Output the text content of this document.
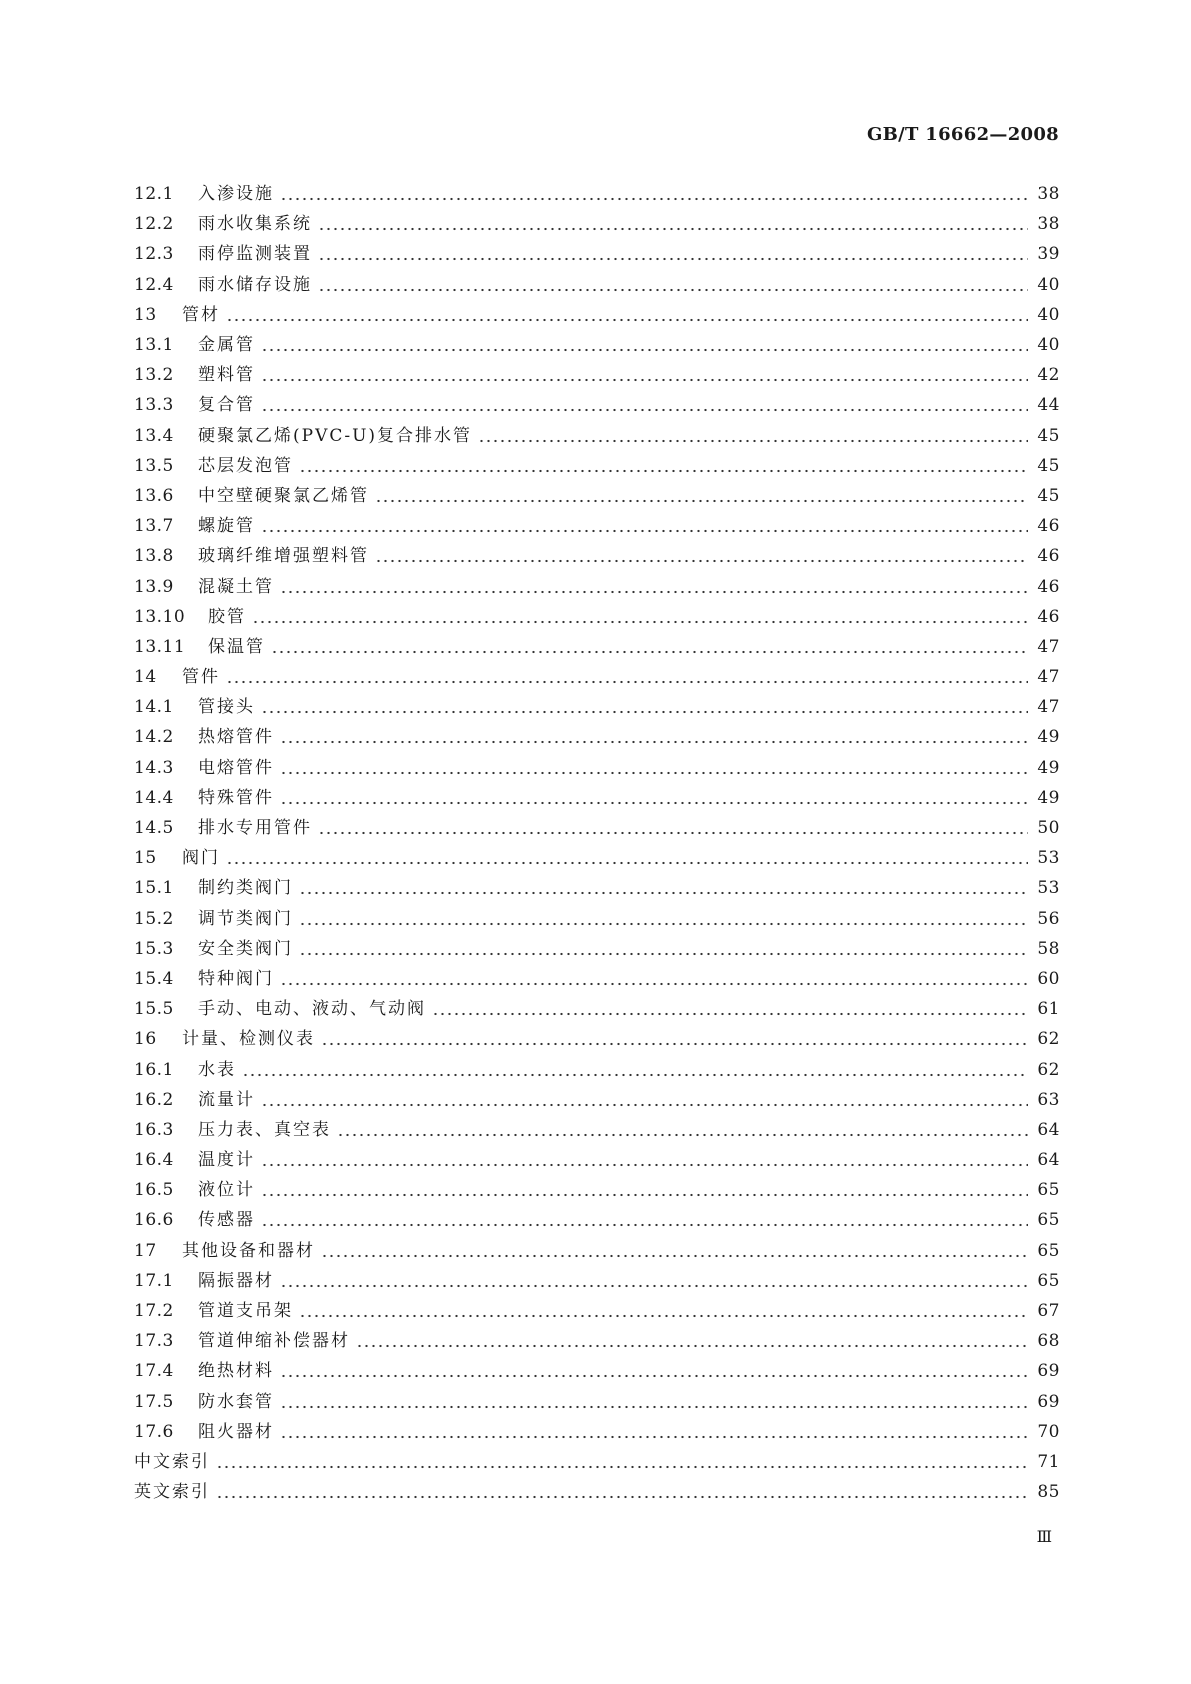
GB/T 16662—2008
12.1	入渗设施	38
12.2	雨水收集系统	38
12.3	雨停监测装置	39
12.4	雨水储存设施	40
13	管材	40
13.1	金属管	40
13.2	塑料管	42
13.3	复合管	44
13.4	硬聚氯乙烯(PVC-U)复合排水管	45
13.5	芯层发泡管	45
13.6	中空壁硬聚氯乙烯管	45
13.7	螺旋管	46
13.8	玻璃纤维增强塑料管	46
13.9	混凝土管	46
13.10	胶管	46
13.11	保温管	47
14	管件	47
14.1	管接头	47
14.2	热熔管件	49
14.3	电熔管件	49
14.4	特殊管件	49
14.5	排水专用管件	50
15	阀门	53
15.1	制约类阀门	53
15.2	调节类阀门	56
15.3	安全类阀门	58
15.4	特种阀门	60
15.5	手动、电动、液动、气动阀	61
16	计量、检测仪表	62
16.1	水表	62
16.2	流量计	63
16.3	压力表、真空表	64
16.4	温度计	64
16.5	液位计	65
16.6	传感器	65
17	其他设备和器材	65
17.1	隔振器材	65
17.2	管道支吊架	67
17.3	管道伸缩补偿器材	68
17.4	绝热材料	69
17.5	防水套管	69
17.6	阻火器材	70
中文索引	71
英文索引	85
Ⅲ
